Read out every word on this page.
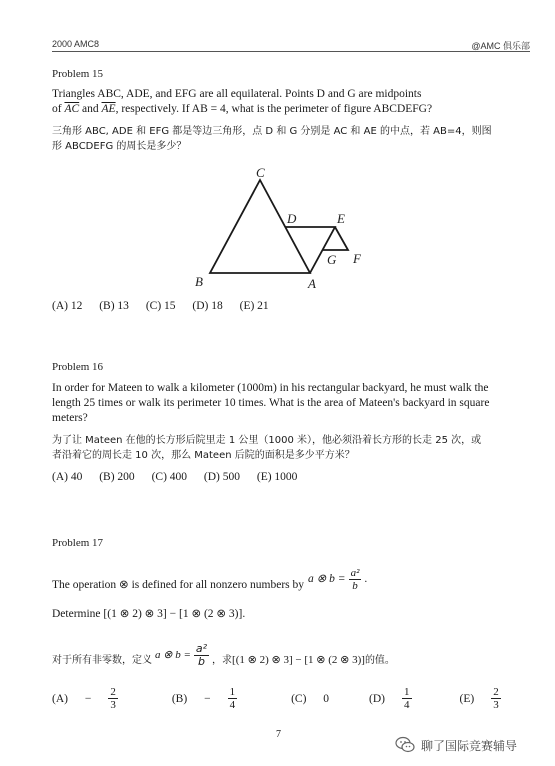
2000 AMC8	@AMC 俱乐部
Problem 15
Triangles ABC, ADE, and EFG are all equilateral. Points D and G are midpoints
of $\overline{AC}$ and $\overline{AE}$, respectively. If AB = 4, what is the perimeter of figure ABCDEFG?
三角形 ABC, ADE 和 EFG 都是等边三角形，点 D 和 G 分别是 AC 和 AE 的中点，若 AB=4，则图
形 ABCDEFG 的周长是多少？
C
D	E
G F
B	A
(A) 12 (B) 13 (C) 15 (D) 18 (E) 21
Problem 16
In order for Mateen to walk a kilometer (1000m) in his rectangular backyard, he must walk the
length 25 times or walk its perimeter 10 times. What is the area of Mateen's backyard in square
meters?
为了让 Mateen 在他的长方形后院里走 1 公里（1000 米），他必须沿着长方形的长走 25 次，或
者沿着它的周长走 10 次，那么 Mateen 后院的面积是多少平方米？
(A) 40 (B) 200 (C) 400 (D) 500 (E) 1000
Problem 17
The operation ⊗ is defined for all nonzero numbers by a ⊗ $b = \frac{\text{a²}}{b}$ .
Determine [(1 ⊗ 2) ⊗ 3] − [1 ⊗ (2 ⊗ 3)].
对于所有非零数，定义 a ⊗ $b = \frac{\text{a²}}{b}$ ，求 [(1 ⊗ 2) ⊗ 3] − [1 ⊗ (2 ⊗ 3)] 的值。
(A)
− $\frac{2}{3}$	(B)
− $\frac{1}{4}$	(C)
0	$(D) \frac{1}{4}$	$(E) \frac{2}{3}$
7
聊了国际竞赛辅导
